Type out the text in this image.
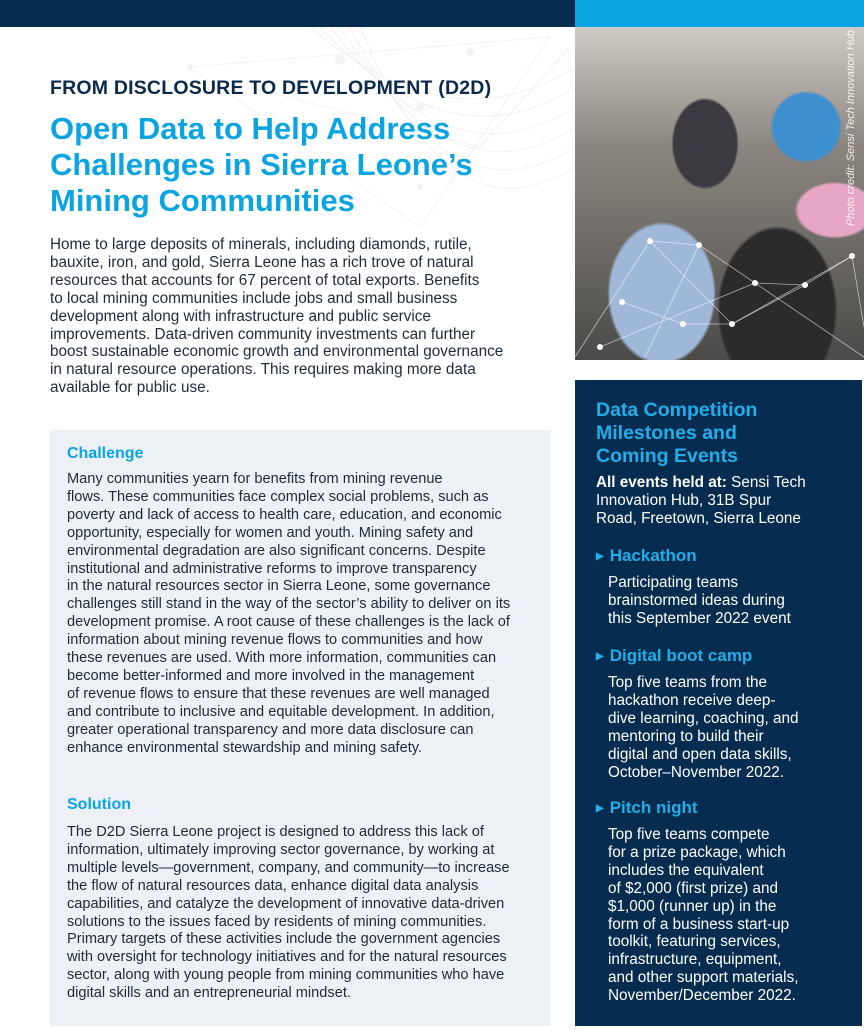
FROM DISCLOSURE TO DEVELOPMENT (D2D)
Open Data to Help Address
Challenges in Sierra Leone’s
Mining Communities

Home to large deposits of minerals, including diamonds, rutile,
bauxite, iron, and gold, Sierra Leone has a rich trove of natural
resources that accounts for 67 percent of total exports. Benefits
to local mining communities include jobs and small business
development along with infrastructure and public service
improvements. Data-driven community investments can further
boost sustainable economic growth and environmental governance
in natural resource operations. This requires making more data
available for public use.

Challenge

Many communities yearn for benefits from mining revenue
flows. These communities face complex social problems, such as
poverty and lack of access to health care, education, and economic
opportunity, especially for women and youth. Mining safety and
environmental degradation are also significant concerns. Despite
institutional and administrative reforms to improve transparency
in the natural resources sector in Sierra Leone, some governance
challenges still stand in the way of the sector’s ability to deliver on its
development promise. A root cause of these challenges is the lack of
information about mining revenue flows to communities and how
these revenues are used. With more information, communities can
become better-informed and more involved in the management
of revenue flows to ensure that these revenues are well managed
and contribute to inclusive and equitable development. In addition,
greater operational transparency and more data disclosure can
enhance environmental stewardship and mining safety.

Solution

The D2D Sierra Leone project is designed to address this lack of
information, ultimately improving sector governance, by working at
multiple levels—government, company, and community—to increase
the flow of natural resources data, enhance digital data analysis
capabilities, and catalyze the development of innovative data-driven
solutions to the issues faced by residents of mining communities.
Primary targets of these activities include the government agencies
with oversight for technology initiatives and for the natural resources
sector, along with young people from mining communities who have
digital skills and an entrepreneurial mindset.

Photo credit: Sensi Tech Innovation Hub
Data Competition
Milestones and
Coming Events
All events held at: Sensi Tech
Innovation Hub, 31B Spur
Road, Freetown, Sierra Leone
▶ Hackathon

Participating teams
brainstormed ideas during
this September 2022 event

▶ Digital boot camp

Top five teams from the
hackathon receive deep-
dive learning, coaching, and
mentoring to build their
digital and open data skills,
October–November 2022.

▶ Pitch night

Top five teams compete
for a prize package, which
includes the equivalent
of $2,000 (first prize) and
$1,000 (runner up) in the
form of a business start-up
toolkit, featuring services,
infrastructure, equipment,
and other support materials,
November/December 2022.
